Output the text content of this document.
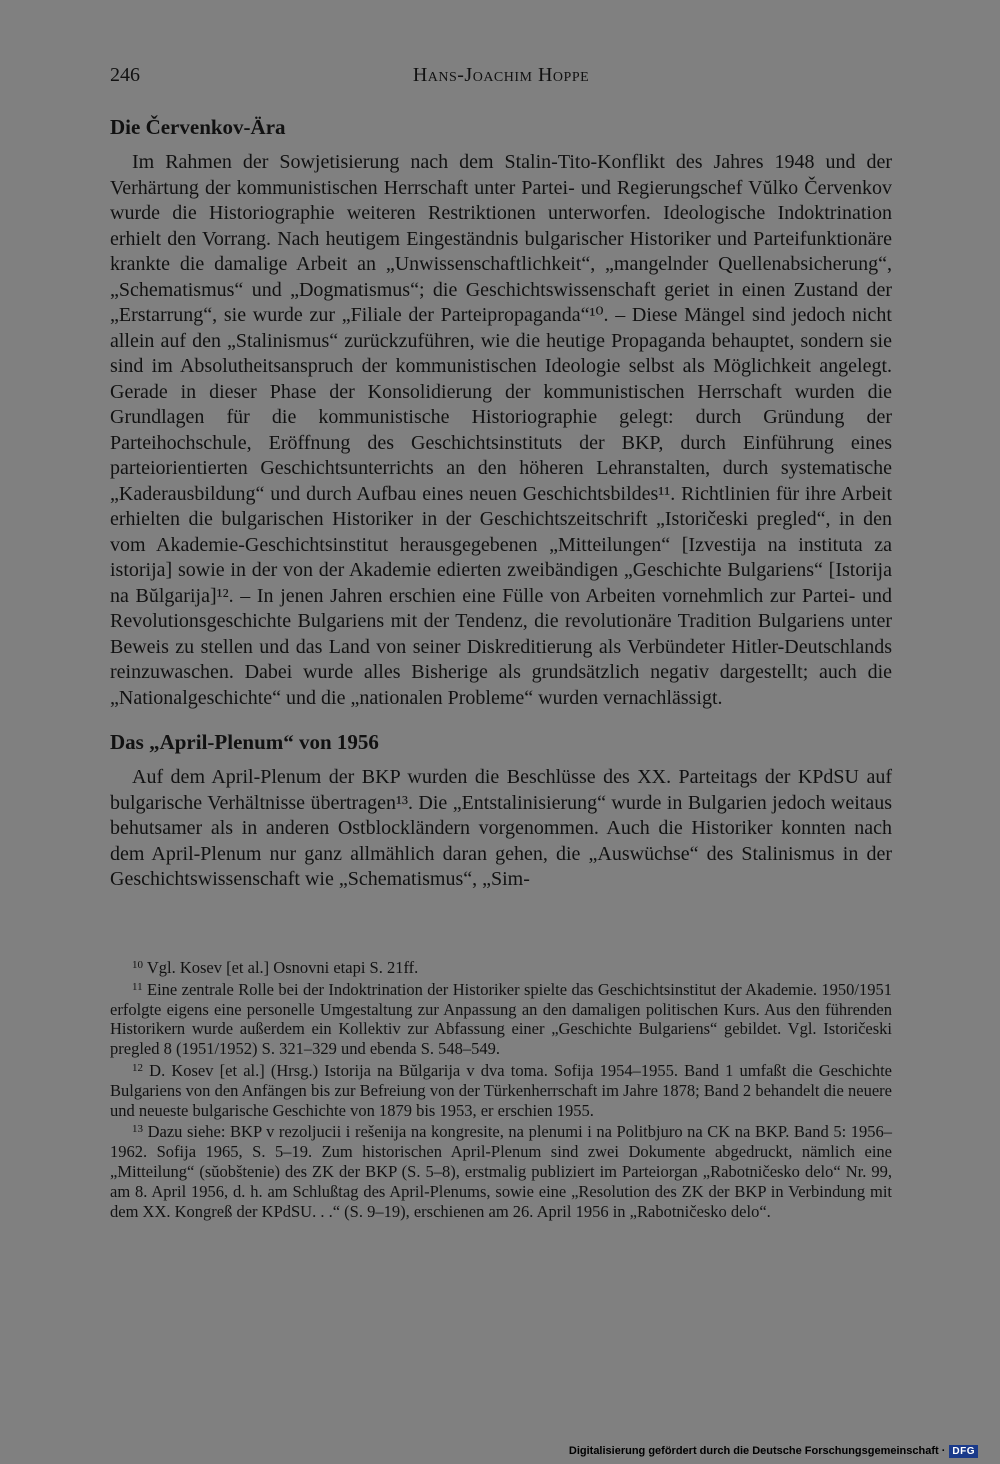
246	Hans-Joachim Hoppe
Die Červenkov-Ära

Im Rahmen der Sowjetisierung nach dem Stalin-Tito-Konflikt des Jahres 1948 und der Verhärtung der kommunistischen Herrschaft unter Partei- und Regierungschef Vŭlko Červenkov wurde die Historiographie weiteren Restriktionen unterworfen. Ideologische Indoktrination erhielt den Vorrang. Nach heutigem Eingeständnis bulgarischer Historiker und Parteifunktionäre krankte die damalige Arbeit an „Unwissenschaftlichkeit“, „mangelnder Quellenabsicherung“, „Schematismus“ und „Dogmatismus“; die Geschichtswissenschaft geriet in einen Zustand der „Erstarrung“, sie wurde zur „Filiale der Parteipropaganda“¹⁰. – Diese Mängel sind jedoch nicht allein auf den „Stalinismus“ zurückzuführen, wie die heutige Propaganda behauptet, sondern sie sind im Absolutheitsanspruch der kommunistischen Ideologie selbst als Möglichkeit angelegt. Gerade in dieser Phase der Konsolidierung der kommunistischen Herrschaft wurden die Grundlagen für die kommunistische Historiographie gelegt: durch Gründung der Parteihochschule, Eröffnung des Geschichtsinstituts der BKP, durch Einführung eines parteiorientierten Geschichtsunterrichts an den höheren Lehranstalten, durch systematische „Kaderausbildung“ und durch Aufbau eines neuen Geschichtsbildes¹¹. Richtlinien für ihre Arbeit erhielten die bulgarischen Historiker in der Geschichtszeitschrift „Istoričeski pregled“, in den vom Akademie-Geschichtsinstitut herausgegebenen „Mitteilungen“ [Izvestija na instituta za istorija] sowie in der von der Akademie edierten zweibändigen „Geschichte Bulgariens“ [Istorija na Bŭlgarija]¹². – In jenen Jahren erschien eine Fülle von Arbeiten vornehmlich zur Partei- und Revolutionsgeschichte Bulgariens mit der Tendenz, die revolutionäre Tradition Bulgariens unter Beweis zu stellen und das Land von seiner Diskreditierung als Verbündeter Hitler-Deutschlands reinzuwaschen. Dabei wurde alles Bisherige als grundsätzlich negativ dargestellt; auch die „Nationalgeschichte“ und die „nationalen Probleme“ wurden vernachlässigt.

Das „April-Plenum“ von 1956

Auf dem April-Plenum der BKP wurden die Beschlüsse des XX. Parteitags der KPdSU auf bulgarische Verhältnisse übertragen¹³. Die „Entstalinisierung“ wurde in Bulgarien jedoch weitaus behutsamer als in anderen Ostblockländern vorgenommen. Auch die Historiker konnten nach dem April-Plenum nur ganz allmählich daran gehen, die „Auswüchse“ des Stalinismus in der Geschichtswissenschaft wie „Schematismus“, „Sim-

$^{10}$ Vgl. Kosev [et al.] Osnovni etapi S. 21ff.

$^{11}$ Eine zentrale Rolle bei der Indoktrination der Historiker spielte das Geschichtsinstitut der Akademie. 1950/1951 erfolgte eigens eine personelle Umgestaltung zur Anpassung an den damaligen politischen Kurs. Aus den führenden Historikern wurde außerdem ein Kollektiv zur Abfassung einer „Geschichte Bulgariens“ gebildet. Vgl. Istoričeski pregled 8 (1951/1952) S. 321–329 und ebenda S. 548–549.

$^{12}$ D. Kosev [et al.] (Hrsg.) Istorija na Bŭlgarija v dva toma. Sofija 1954–1955. Band 1 umfaßt die Geschichte Bulgariens von den Anfängen bis zur Befreiung von der Türkenherrschaft im Jahre 1878; Band 2 behandelt die neuere und neueste bulgarische Geschichte von 1879 bis 1953, er erschien 1955.

$^{13}$ Dazu siehe: BKP v rezoljucii i rešenija na kongresite, na plenumi i na Politbjuro na CK na BKP. Band 5: 1956–1962. Sofija 1965, S. 5–19. Zum historischen April-Plenum sind zwei Dokumente abgedruckt, nämlich eine „Mitteilung“ (sŭobštenie) des ZK der BKP (S. 5–8), erstmalig publiziert im Parteiorgan „Rabotničesko delo“ Nr. 99, am 8. April 1956, d. h. am Schlußtag des April-Plenums, sowie eine „Resolution des ZK der BKP in Verbindung mit dem XX. Kongreß der KPdSU. . .“ (S. 9–19), erschienen am 26. April 1956 in „Rabotničesko delo“.

Digitalisierung gefördert durch die Deutsche Forschungsgemeinschaft · DFG
